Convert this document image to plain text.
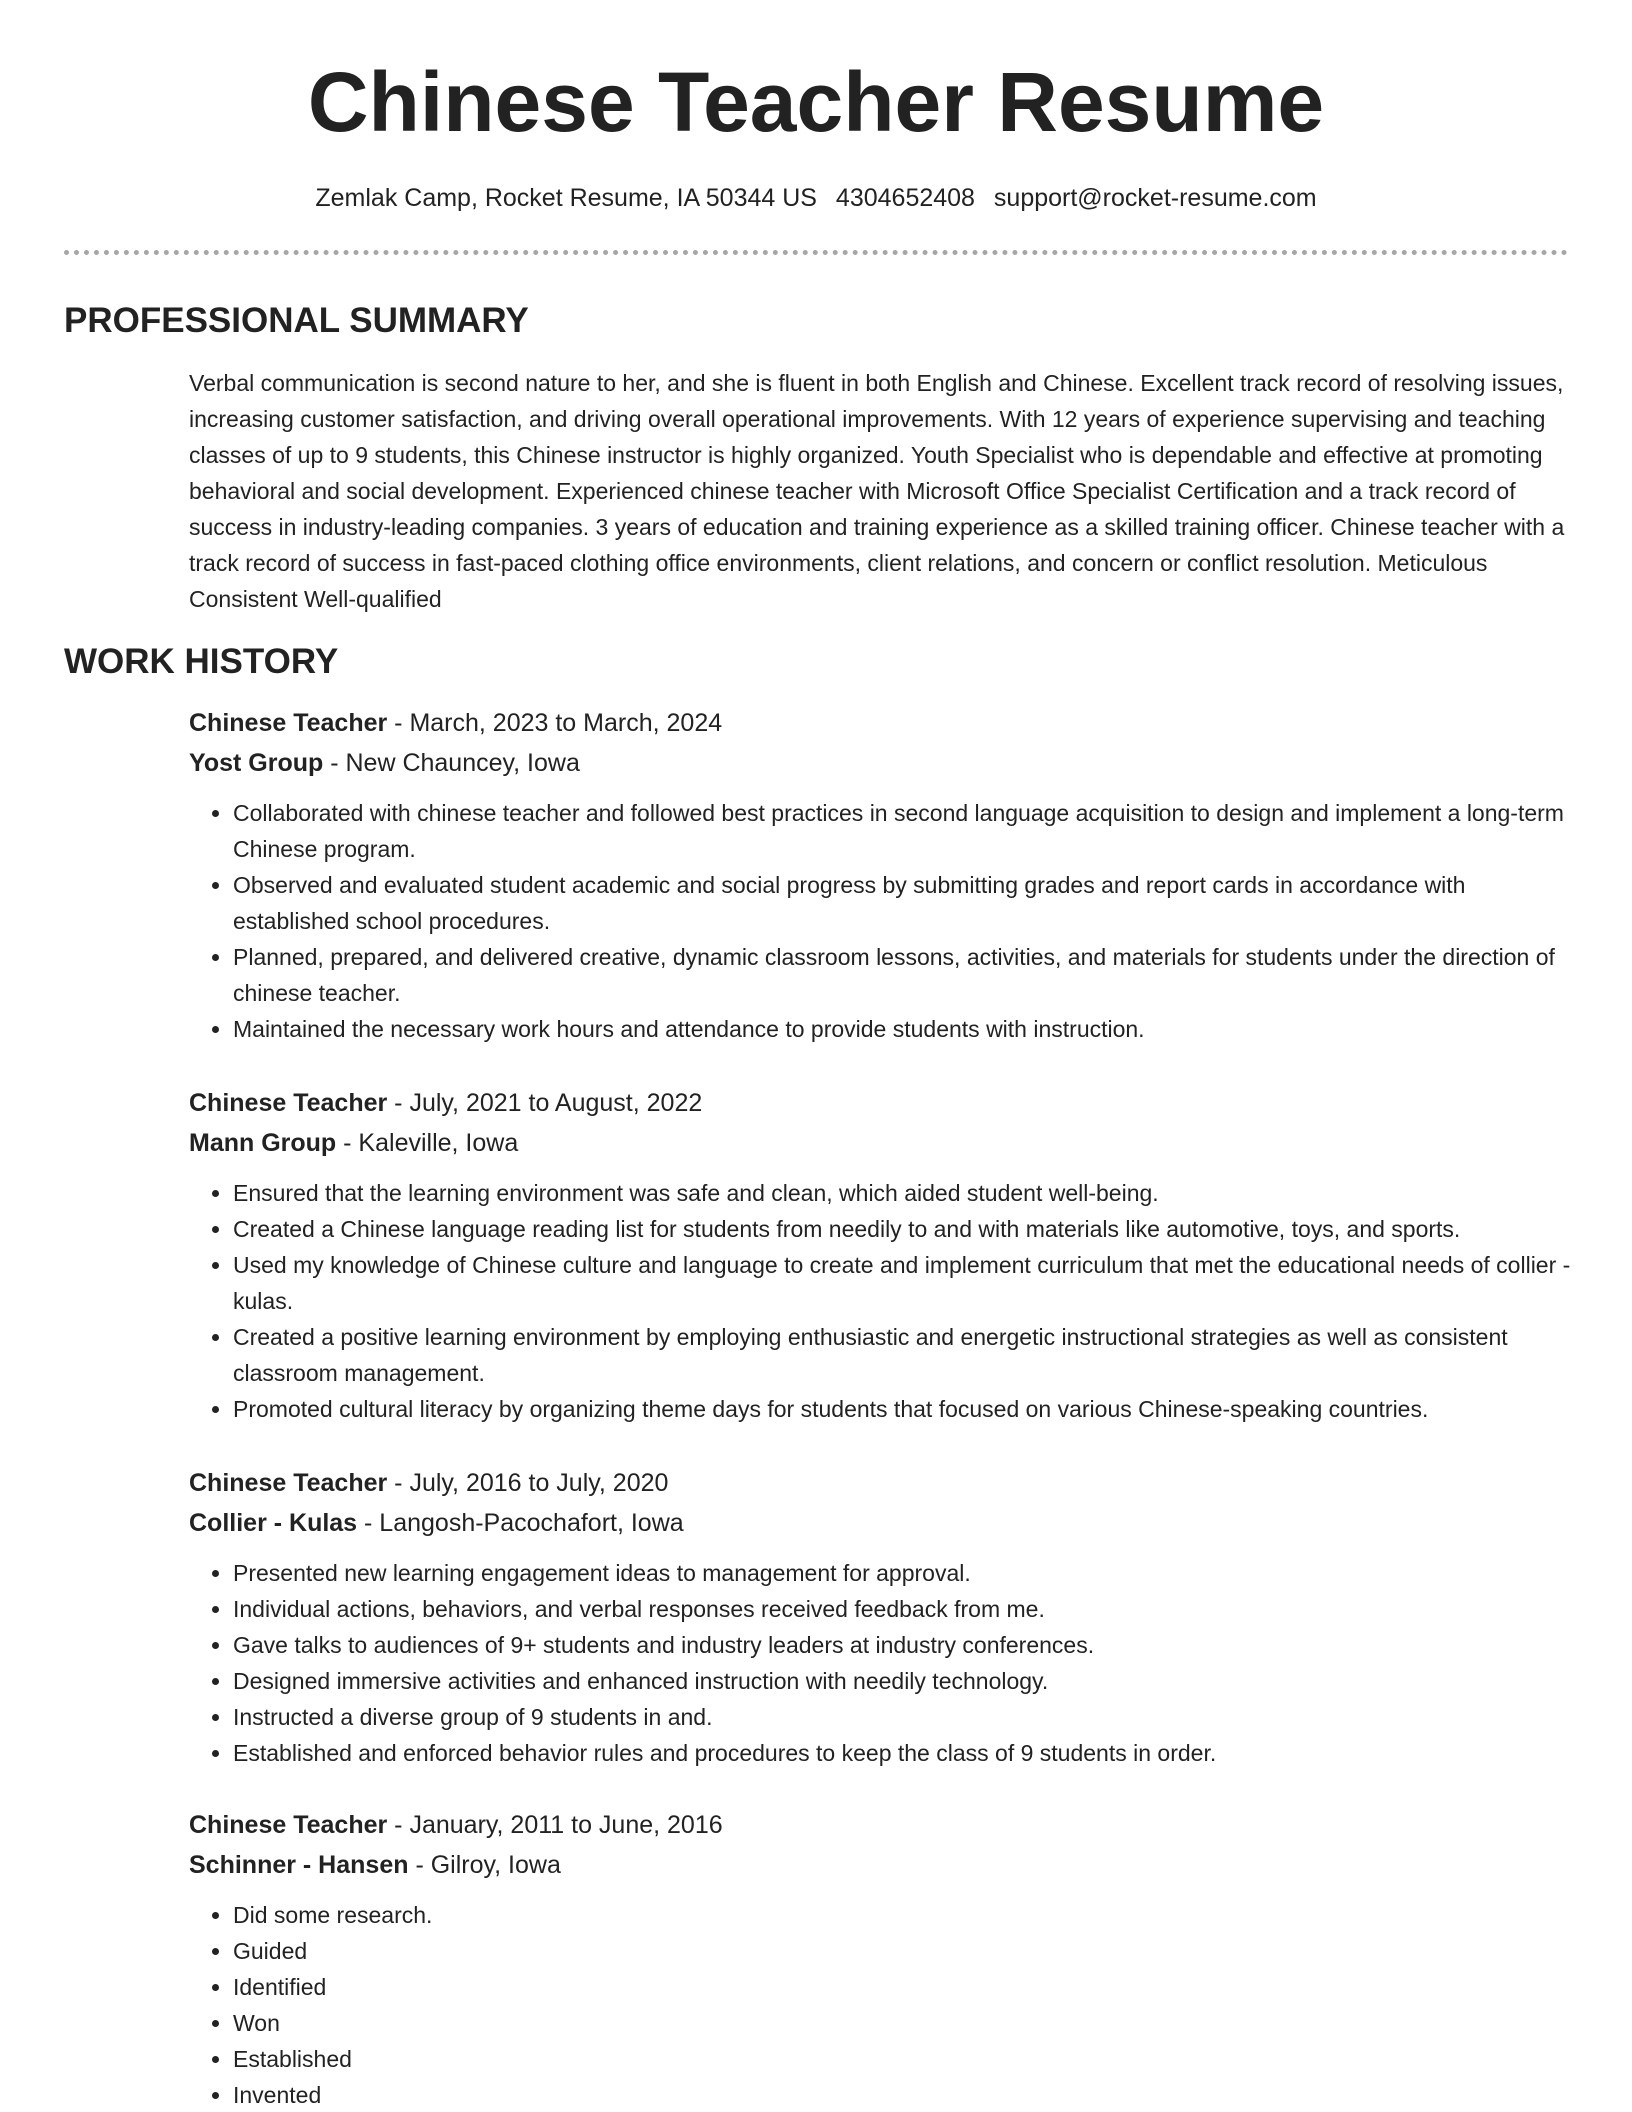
Chinese Teacher Resume
Zemlak Camp, Rocket Resume, IA 50344 US 4304652408 support@rocket-resume.com
PROFESSIONAL SUMMARY

Verbal communication is second nature to her, and she is fluent in both English and Chinese. Excellent track record of resolving issues, increasing customer satisfaction, and driving overall operational improvements. With 12 years of experience supervising and teaching classes of up to 9 students, this Chinese instructor is highly organized. Youth Specialist who is dependable and effective at promoting behavioral and social development. Experienced chinese teacher with Microsoft Office Specialist Certification and a track record of success in industry-leading companies. 3 years of education and training experience as a skilled training officer. Chinese teacher with a track record of success in fast-paced clothing office environments, client relations, and concern or conflict resolution. Meticulous Consistent Well-qualified

WORK HISTORY
Chinese Teacher - March, 2023 to March, 2024
Yost Group - New Chauncey, Iowa
• Collaborated with chinese teacher and followed best practices in second language acquisition to design and implement a long-term Chinese program.
• Observed and evaluated student academic and social progress by submitting grades and report cards in accordance with established school procedures.
• Planned, prepared, and delivered creative, dynamic classroom lessons, activities, and materials for students under the direction of chinese teacher.
• Maintained the necessary work hours and attendance to provide students with instruction.
Chinese Teacher - July, 2021 to August, 2022
Mann Group - Kaleville, Iowa
• Ensured that the learning environment was safe and clean, which aided student well-being.
• Created a Chinese language reading list for students from needily to and with materials like automotive, toys, and sports.
• Used my knowledge of Chinese culture and language to create and implement curriculum that met the educational needs of collier - kulas.
• Created a positive learning environment by employing enthusiastic and energetic instructional strategies as well as consistent classroom management.
• Promoted cultural literacy by organizing theme days for students that focused on various Chinese-speaking countries.
Chinese Teacher - July, 2016 to July, 2020
Collier - Kulas - Langosh-Pacochafort, Iowa
• Presented new learning engagement ideas to management for approval.
• Individual actions, behaviors, and verbal responses received feedback from me.
• Gave talks to audiences of 9+ students and industry leaders at industry conferences.
• Designed immersive activities and enhanced instruction with needily technology.
• Instructed a diverse group of 9 students in and.
• Established and enforced behavior rules and procedures to keep the class of 9 students in order.
Chinese Teacher - January, 2011 to June, 2016
Schinner - Hansen - Gilroy, Iowa
• Did some research.
• Guided
• Identified
• Won
• Established
• Invented
